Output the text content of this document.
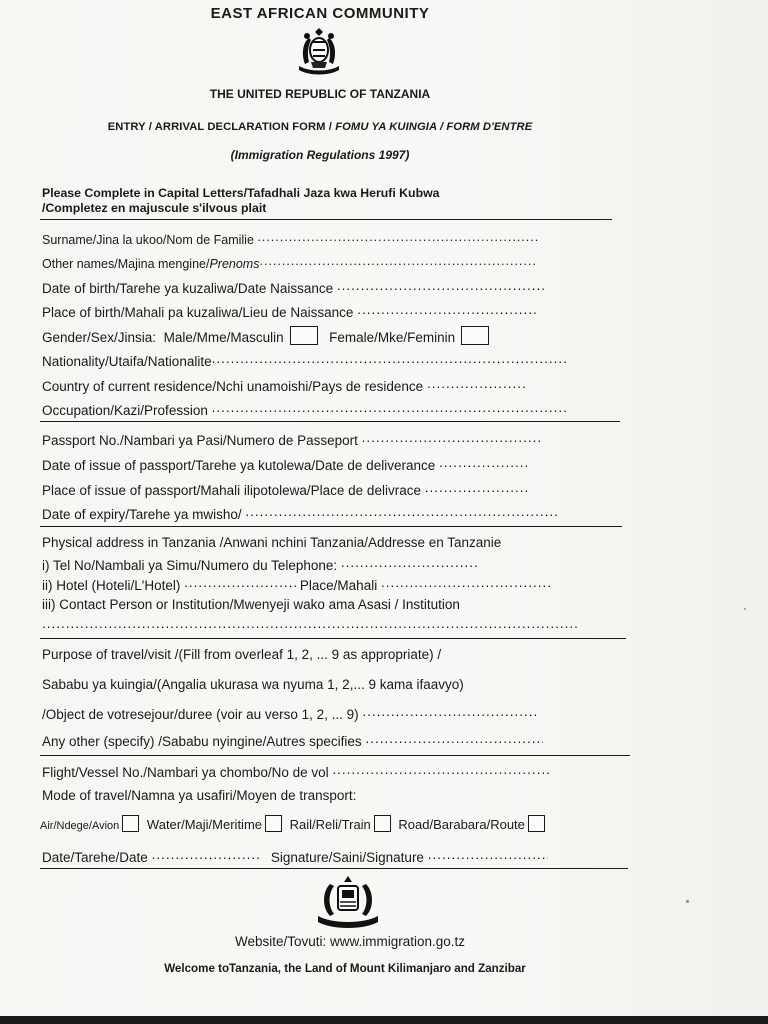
EAST AFRICAN COMMUNITY
THE UNITED REPUBLIC OF TANZANIA
ENTRY / ARRIVAL DECLARATION FORM / FOMU YA KUINGIA / FORM D'ENTRE
(Immigration Regulations 1997)
Please Complete in Capital Letters/Tafadhali Jaza kwa Herufi Kubwa
/Completez en majuscule s'ilvous plait
Surname/Jina la ukoo/Nom de Familie .....
Other names/Majina mengine/Prenoms.....
Date of birth/Tarehe ya kuzaliwa/Date Naissance .....
Place of birth/Mahali pa kuzaliwa/Lieu de Naissance .....
Gender/Sex/Jinsia: Male/Mme/Masculin	Female/Mke/Feminin
Nationality/Utaifa/Nationalite.....
Country of current residence/Nchi unamoishi/Pays de residence .....
Occupation/Kazi/Profession .....
Passport No./Nambari ya Pasi/Numero de Passeport .....
Date of issue of passport/Tarehe ya kutolewa/Date de deliverance .....
Place of issue of passport/Mahali ilipotolewa/Place de delivrace .....
Date of expiry/Tarehe ya mwisho/ .....
Physical address in Tanzania /Anwani nchini Tanzania/Addresse en Tanzanie
i) Tel No/Nambali ya Simu/Numero du Telephone: .....
ii) Hotel (Hoteli/L'Hotel) .....	Place/Mahali .....
iii) Contact Person or Institution/Mwenyeji wako ama Asasi / Institution
.....
Purpose of travel/visit /(Fill from overleaf 1, 2, ... 9 as appropriate) /
Sababu ya kuingia/(Angalia ukurasa wa nyuma 1, 2,... 9 kama ifaavyo)
/Object de votresejour/duree (voir au verso 1, 2, ... 9) .....
Any other (specify) /Sababu nyingine/Autres specifies .....
Flight/Vessel No./Nambari ya chombo/No de vol .....
Mode of travel/Namna ya usafiri/Moyen de transport:
Air/Ndege/Avion Water/Maji/Meritime Rail/Reli/Train Road/Barabara/Route
Date/Tarehe/Date .....	Signature/Saini/Signature .....
Website/Tovuti: www.immigration.go.tz
Welcome toTanzania, the Land of Mount Kilimanjaro and Zanzibar
